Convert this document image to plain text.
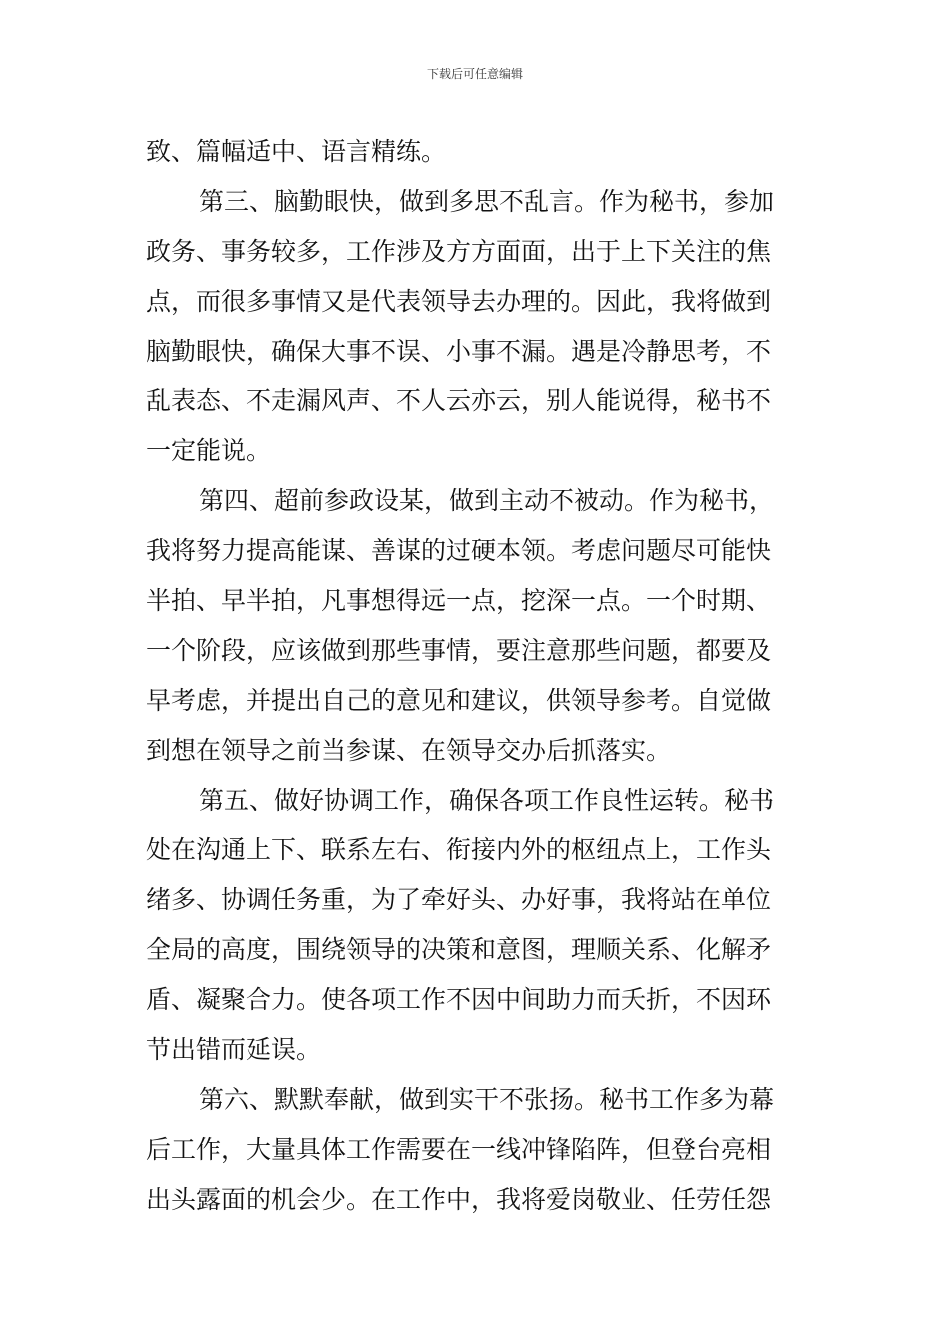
下载后可任意编辑
致、篇幅适中、语言精练。
第三、脑勤眼快，做到多思不乱言。作为秘书，参加
政务、事务较多，工作涉及方方面面，出于上下关注的焦
点，而很多事情又是代表领导去办理的。因此，我将做到
脑勤眼快，确保大事不误、小事不漏。遇是冷静思考，不
乱表态、不走漏风声、不人云亦云，别人能说得，秘书不
一定能说。
第四、超前参政设某，做到主动不被动。作为秘书，
我将努力提高能谋、善谋的过硬本领。考虑问题尽可能快
半拍、早半拍，凡事想得远一点，挖深一点。一个时期、
一个阶段，应该做到那些事情，要注意那些问题，都要及
早考虑，并提出自己的意见和建议，供领导参考。自觉做
到想在领导之前当参谋、在领导交办后抓落实。
第五、做好协调工作，确保各项工作良性运转。秘书
处在沟通上下、联系左右、衔接内外的枢纽点上，工作头
绪多、协调任务重，为了牵好头、办好事，我将站在单位
全局的高度，围绕领导的决策和意图，理顺关系、化解矛
盾、凝聚合力。使各项工作不因中间助力而夭折，不因环
节出错而延误。
第六、默默奉献，做到实干不张扬。秘书工作多为幕
后工作，大量具体工作需要在一线冲锋陷阵，但登台亮相
出头露面的机会少。在工作中，我将爱岗敬业、任劳任怨
